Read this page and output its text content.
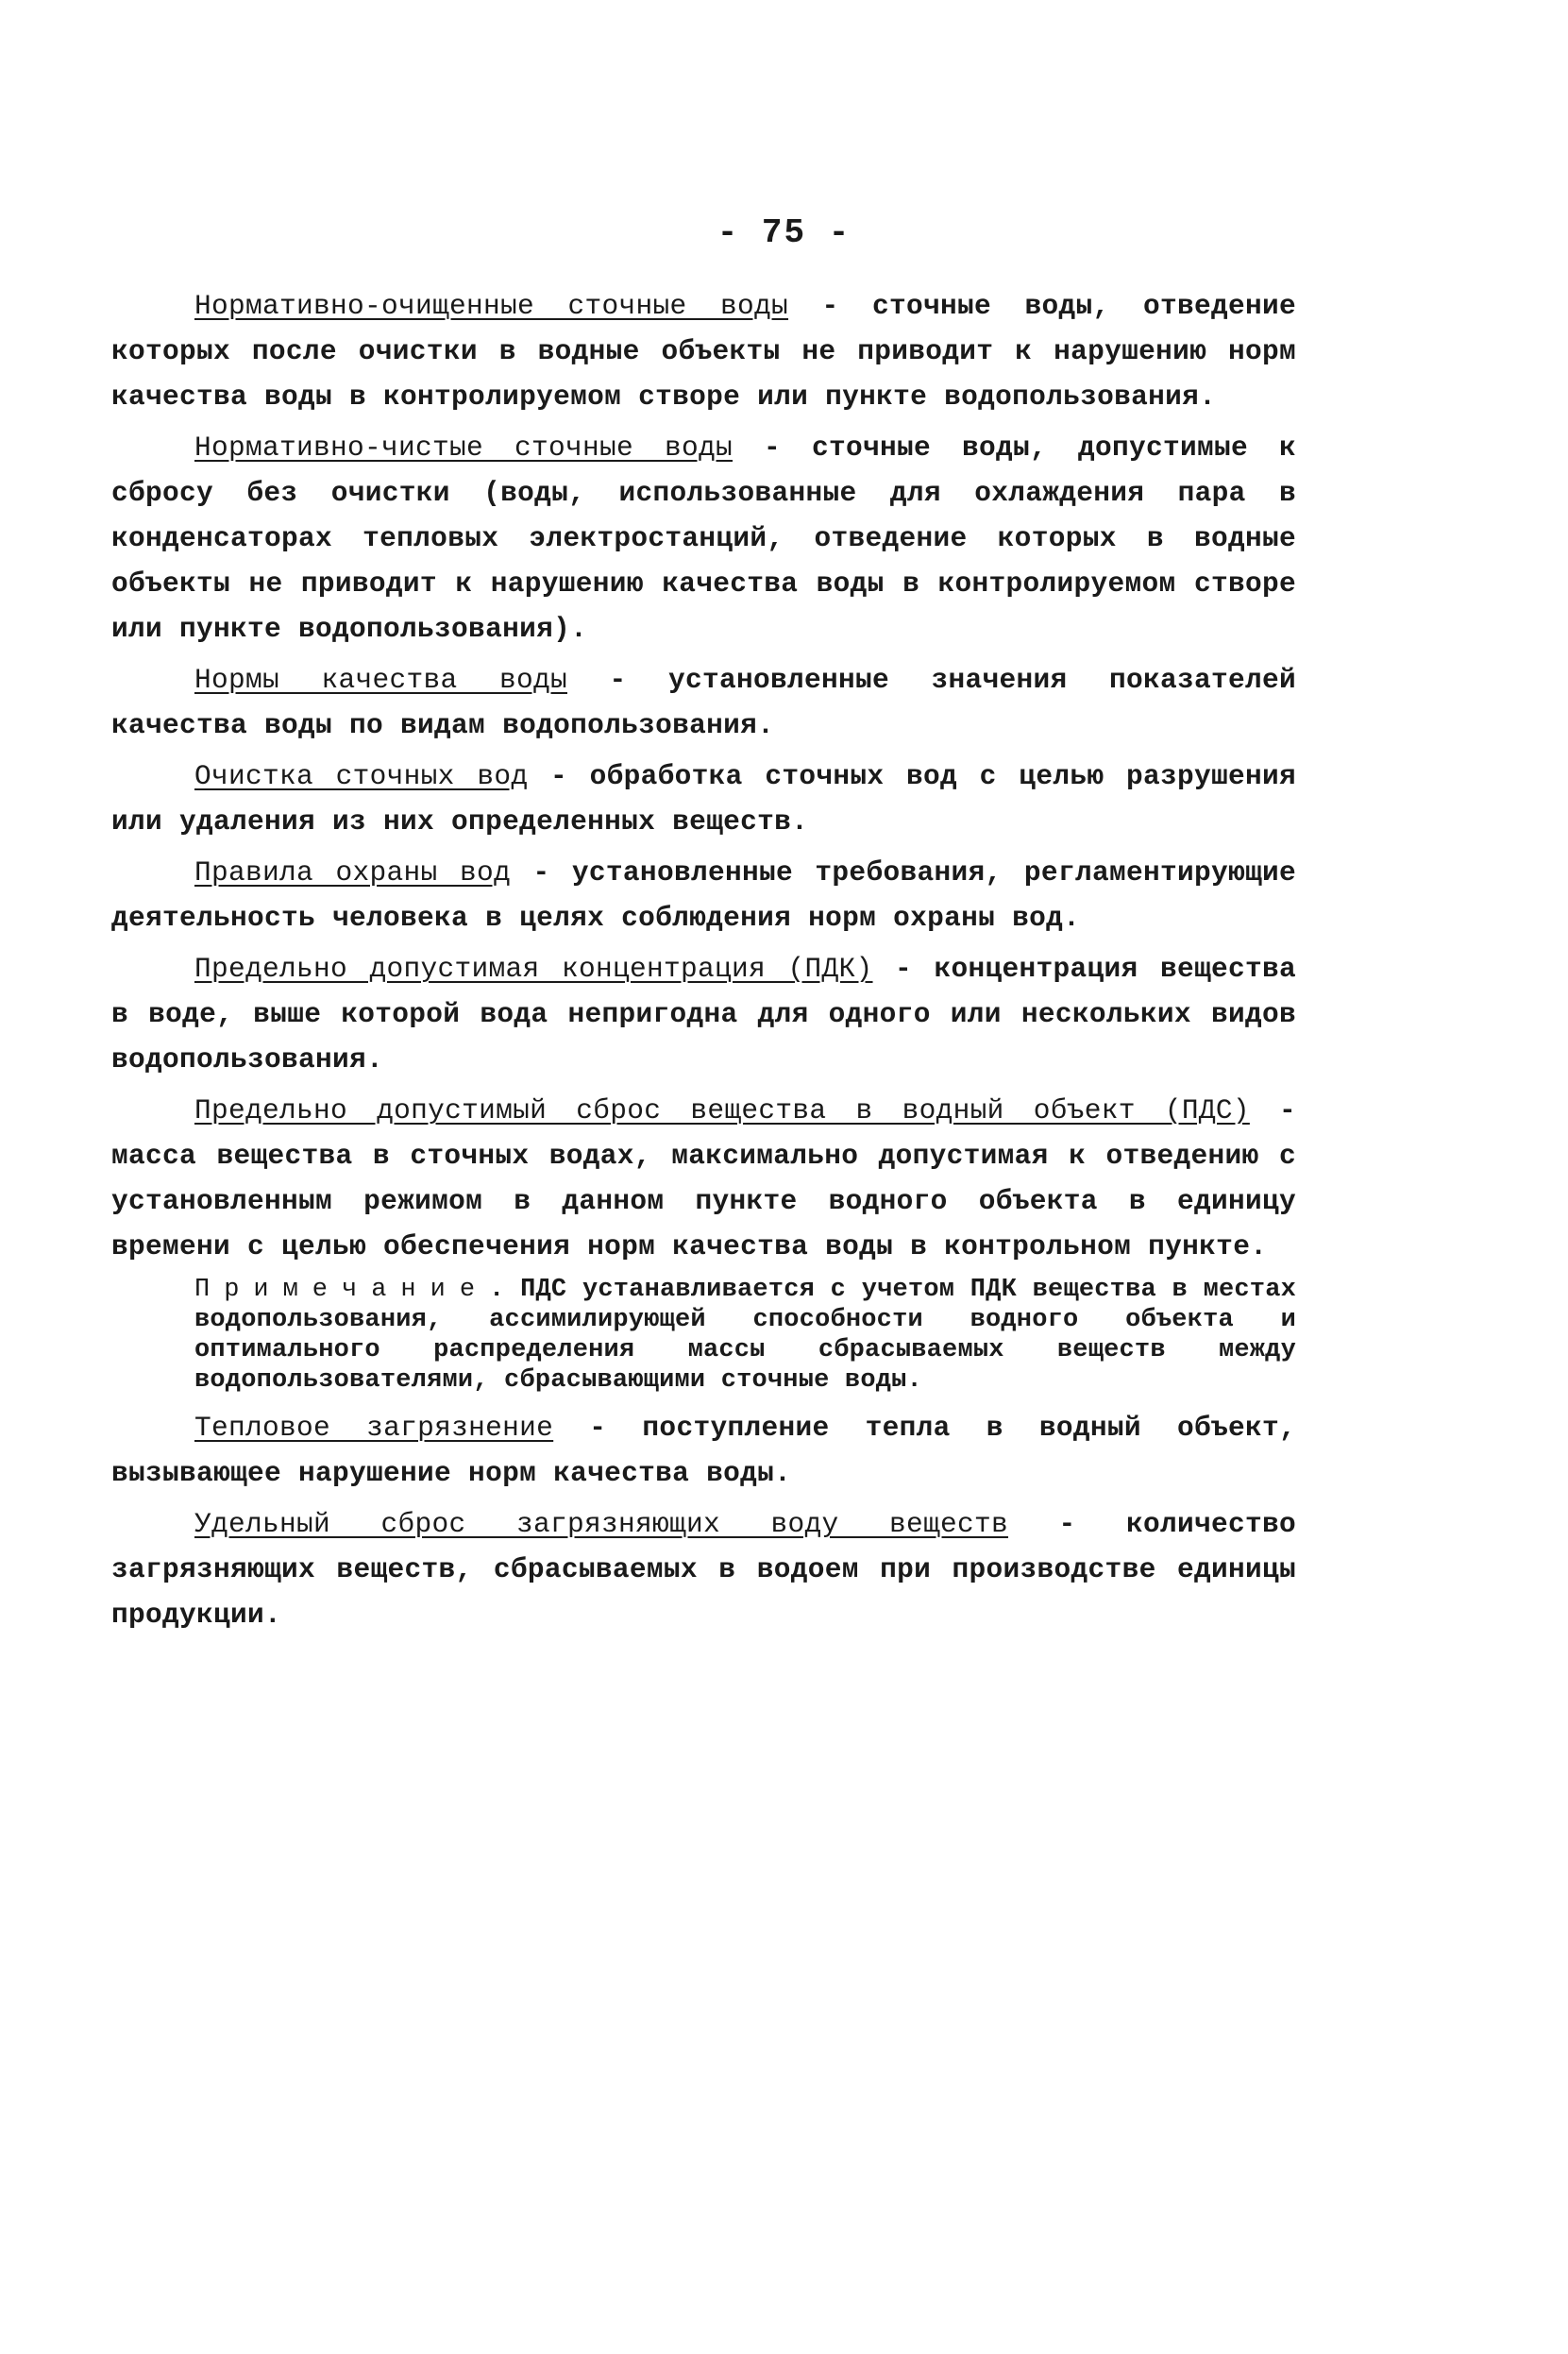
- 75 -

Нормативно-очищенные сточные воды - сточные воды, отведение которых после очистки в водные объекты не приводит к нарушению норм качества воды в контролируемом створе или пункте водопользования.

Нормативно-чистые сточные воды - сточные воды, допустимые к сбросу без очистки (воды, использованные для охлаждения пара в конденсаторах тепловых электростанций, отведение которых в водные объекты не приводит к нарушению качества воды в контролируемом створе или пункте водопользования).

Нормы качества воды - установленные значения показателей качества воды по видам водопользования.

Очистка сточных вод - обработка сточных вод с целью разрушения или удаления из них определенных веществ.

Правила охраны вод - установленные требования, регламентирующие деятельность человека в целях соблюдения норм охраны вод.

Предельно допустимая концентрация (ПДК) - концентрация вещества в воде, выше которой вода непригодна для одного или нескольких видов водопользования.

Предельно допустимый сброс вещества в водный объект (ПДС) - масса вещества в сточных водах, максимально допустимая к отведению с установленным режимом в данном пункте водного объекта в единицу времени с целью обеспечения норм качества воды в контрольном пункте.

Примечание. ПДС устанавливается с учетом ПДК вещества в местах водопользования, ассимилирующей способности водного объекта и оптимального распределения массы сбрасываемых веществ между водопользователями, сбрасывающими сточные воды.

Тепловое загрязнение - поступление тепла в водный объект, вызывающее нарушение норм качества воды.

Удельный сброс загрязняющих воду веществ - количество загрязняющих веществ, сбрасываемых в водоем при производстве единицы продукции.
